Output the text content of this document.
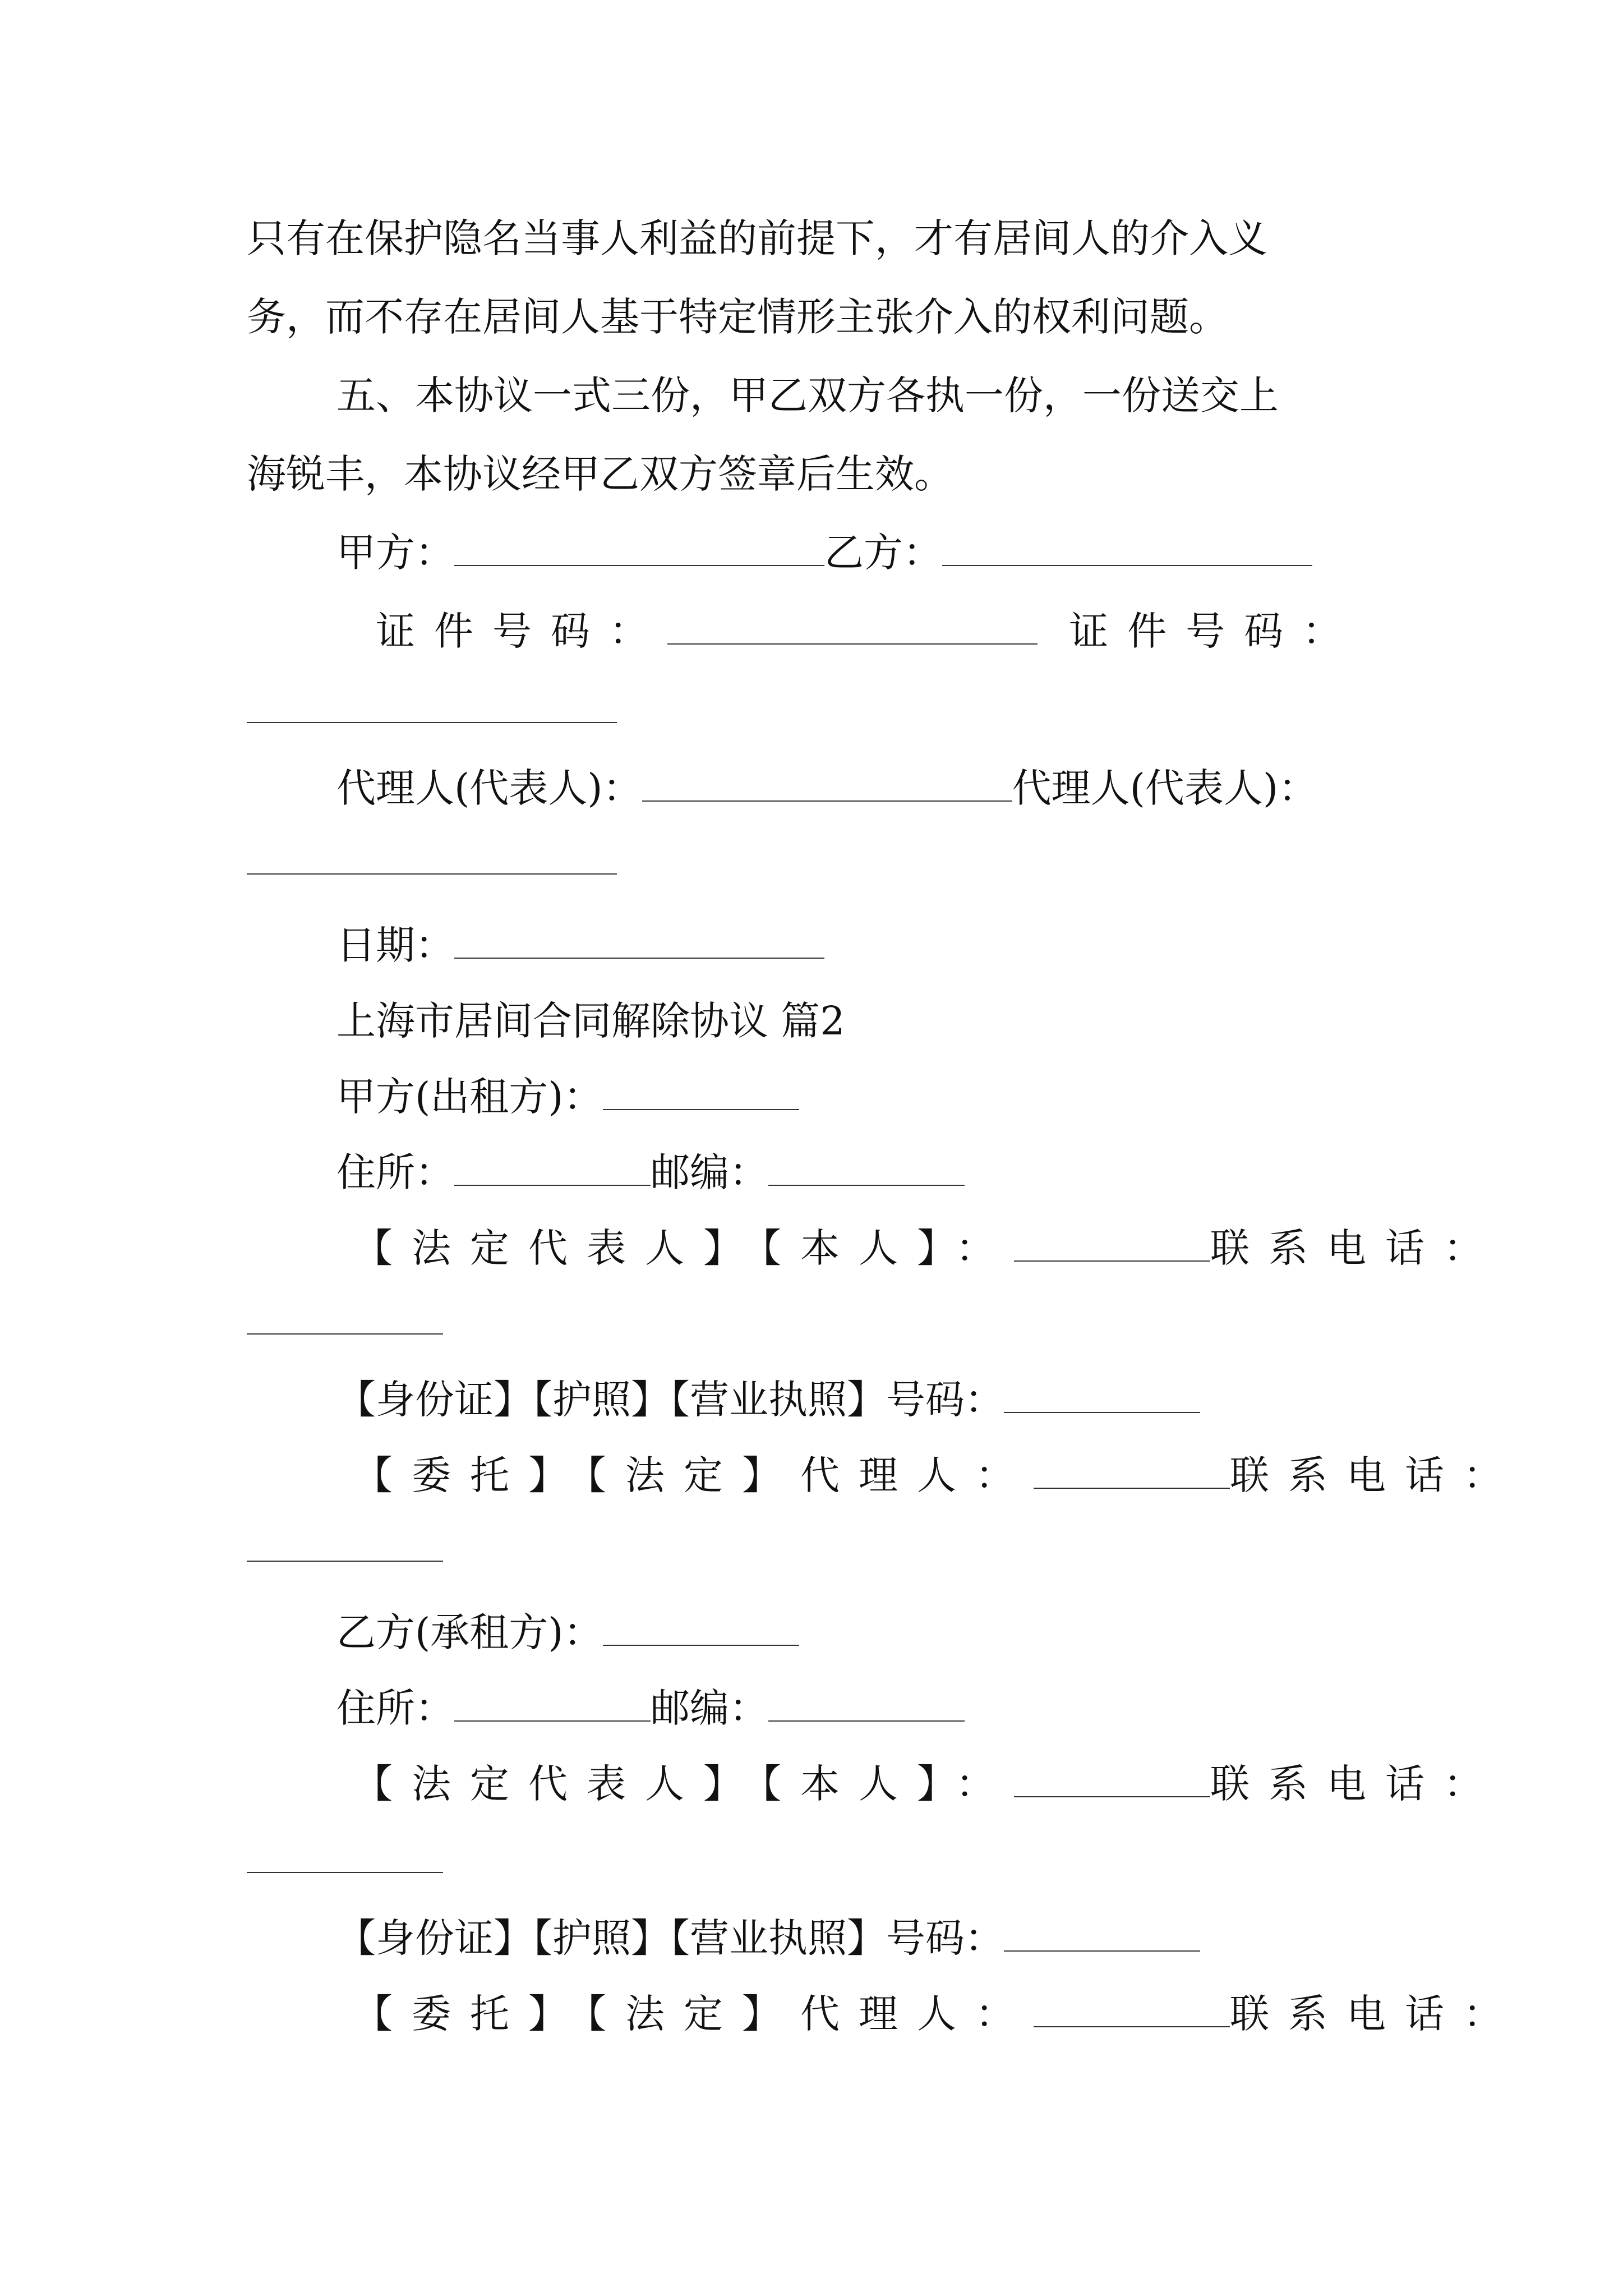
只有在保护隐名当事人利益的前提下，才有居间人的介入义
务，而不存在居间人基于特定情形主张介入的权利问题。
五、本协议一式三份，甲乙双方各执一份，一份送交上
海锐丰，本协议经甲乙双方签章后生效。
甲方：	乙方：
证件号码：	证件号码：
代理人(代表人)：	代理人(代表人)：
日期：
上海市居间合同解除协议 篇2
甲方(出租方)：
住所：	邮编：
【法定代表人】【本人】：	联系电话：
【身份证】【护照】【营业执照】号码：
【委托】【法定】代理人：	联系电话：
乙方(承租方)：
住所：	邮编：
【法定代表人】【本人】：	联系电话：
【身份证】【护照】【营业执照】号码：
【委托】【法定】代理人：	联系电话：
